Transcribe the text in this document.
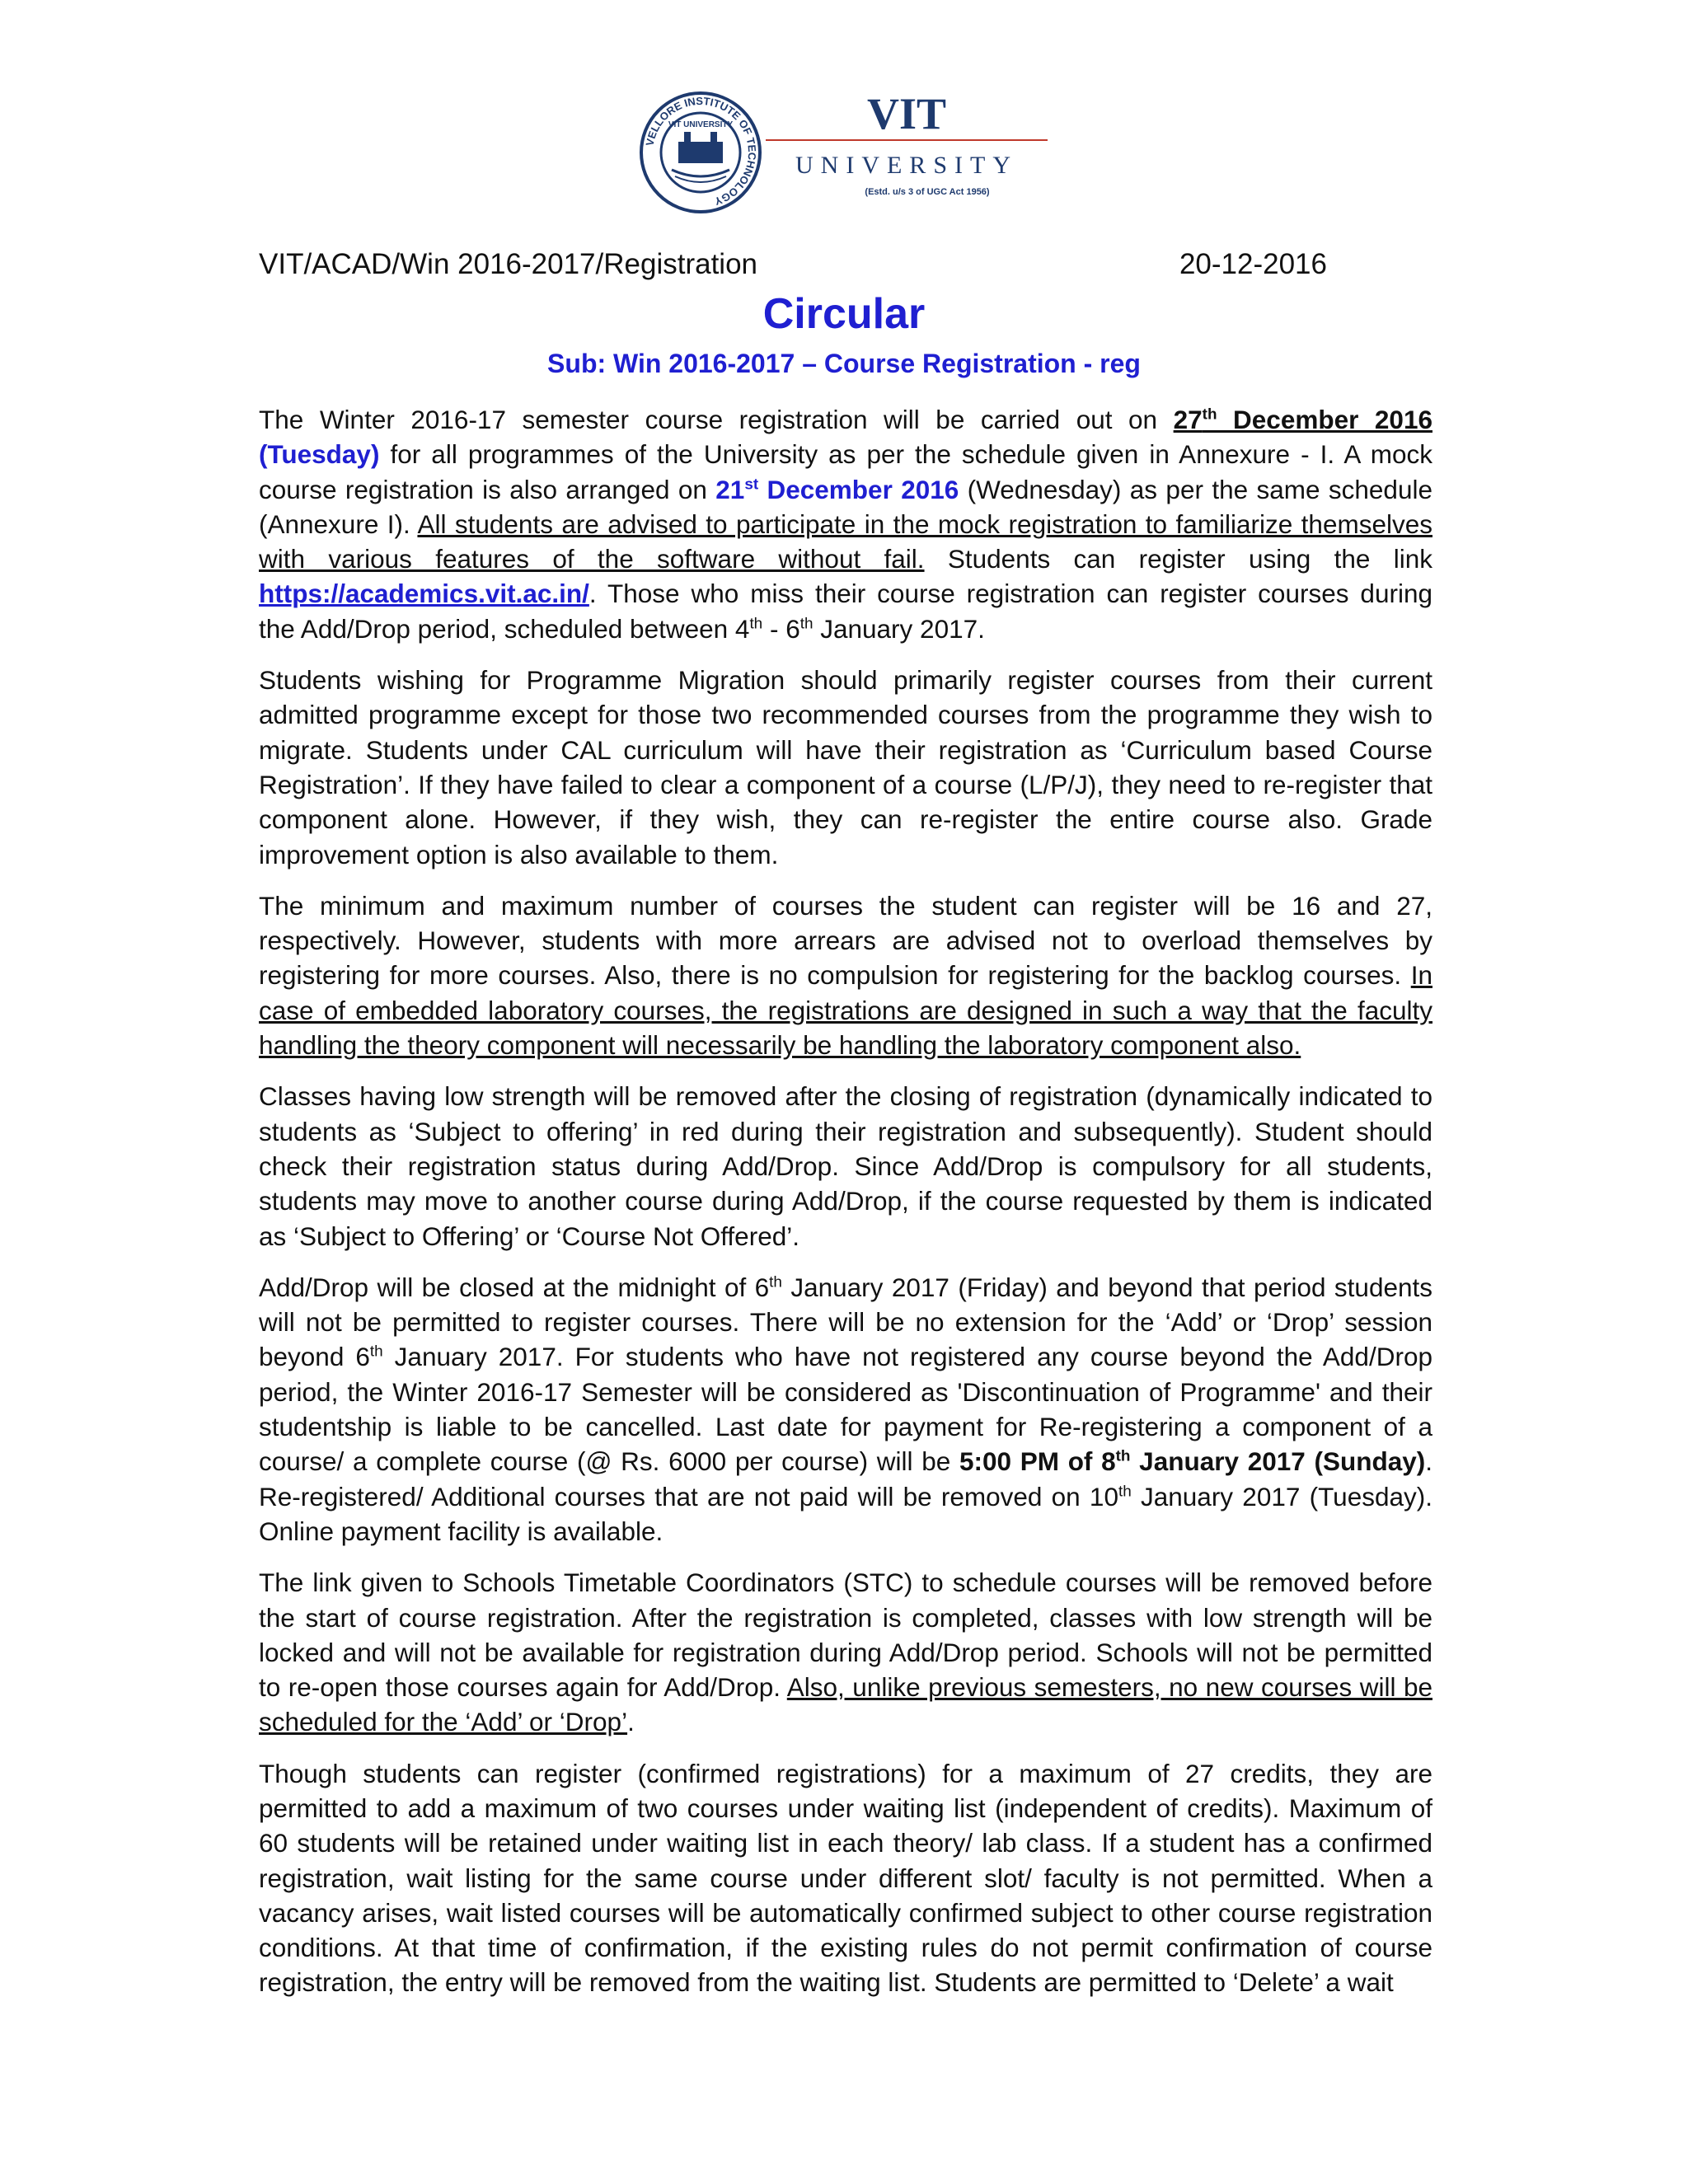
VELLORE INSTITUTE OF TECHNOLOGY
VIT UNIVERSITY	VIT
UNIVERSITY
(Estd. u/s 3 of UGC Act 1956)
VIT/ACAD/Win 2016-2017/Registration	20-12-2016
Circular
Sub: Win 2016-2017 – Course Registration - reg

The Winter 2016-17 semester course registration will be carried out on 27th December 2016 (Tuesday) for all programmes of the University as per the schedule given in Annexure - I. A mock course registration is also arranged on 21st December 2016 (Wednesday) as per the same schedule (Annexure I). All students are advised to participate in the mock registration to familiarize themselves with various features of the software without fail. Students can register using the link https://academics.vit.ac.in/. Those who miss their course registration can register courses during the Add/Drop period, scheduled between 4th - 6th January 2017.

Students wishing for Programme Migration should primarily register courses from their current admitted programme except for those two recommended courses from the programme they wish to migrate. Students under CAL curriculum will have their registration as ‘Curriculum based Course Registration’. If they have failed to clear a component of a course (L/P/J), they need to re-register that component alone. However, if they wish, they can re-register the entire course also. Grade improvement option is also available to them.

The minimum and maximum number of courses the student can register will be 16 and 27, respectively. However, students with more arrears are advised not to overload themselves by registering for more courses. Also, there is no compulsion for registering for the backlog courses. In case of embedded laboratory courses, the registrations are designed in such a way that the faculty handling the theory component will necessarily be handling the laboratory component also.

Classes having low strength will be removed after the closing of registration (dynamically indicated to students as ‘Subject to offering’ in red during their registration and subsequently). Student should check their registration status during Add/Drop. Since Add/Drop is compulsory for all students, students may move to another course during Add/Drop, if the course requested by them is indicated as ‘Subject to Offering’ or ‘Course Not Offered’.

Add/Drop will be closed at the midnight of 6th January 2017 (Friday) and beyond that period students will not be permitted to register courses. There will be no extension for the ‘Add’ or ‘Drop’ session beyond 6th January 2017. For students who have not registered any course beyond the Add/Drop period, the Winter 2016-17 Semester will be considered as 'Discontinuation of Programme' and their studentship is liable to be cancelled. Last date for payment for Re-registering a component of a course/ a complete course (@ Rs. 6000 per course) will be 5:00 PM of 8th January 2017 (Sunday). Re-registered/ Additional courses that are not paid will be removed on 10th January 2017 (Tuesday). Online payment facility is available.

The link given to Schools Timetable Coordinators (STC) to schedule courses will be removed before the start of course registration. After the registration is completed, classes with low strength will be locked and will not be available for registration during Add/Drop period. Schools will not be permitted to re-open those courses again for Add/Drop. Also, unlike previous semesters, no new courses will be scheduled for the ‘Add’ or ‘Drop’.

Though students can register (confirmed registrations) for a maximum of 27 credits, they are permitted to add a maximum of two courses under waiting list (independent of credits). Maximum of 60 students will be retained under waiting list in each theory/ lab class. If a student has a confirmed registration, wait listing for the same course under different slot/ faculty is not permitted. When a vacancy arises, wait listed courses will be automatically confirmed subject to other course registration conditions. At that time of confirmation, if the existing rules do not permit confirmation of course registration, the entry will be removed from the waiting list. Students are permitted to ‘Delete’ a wait
